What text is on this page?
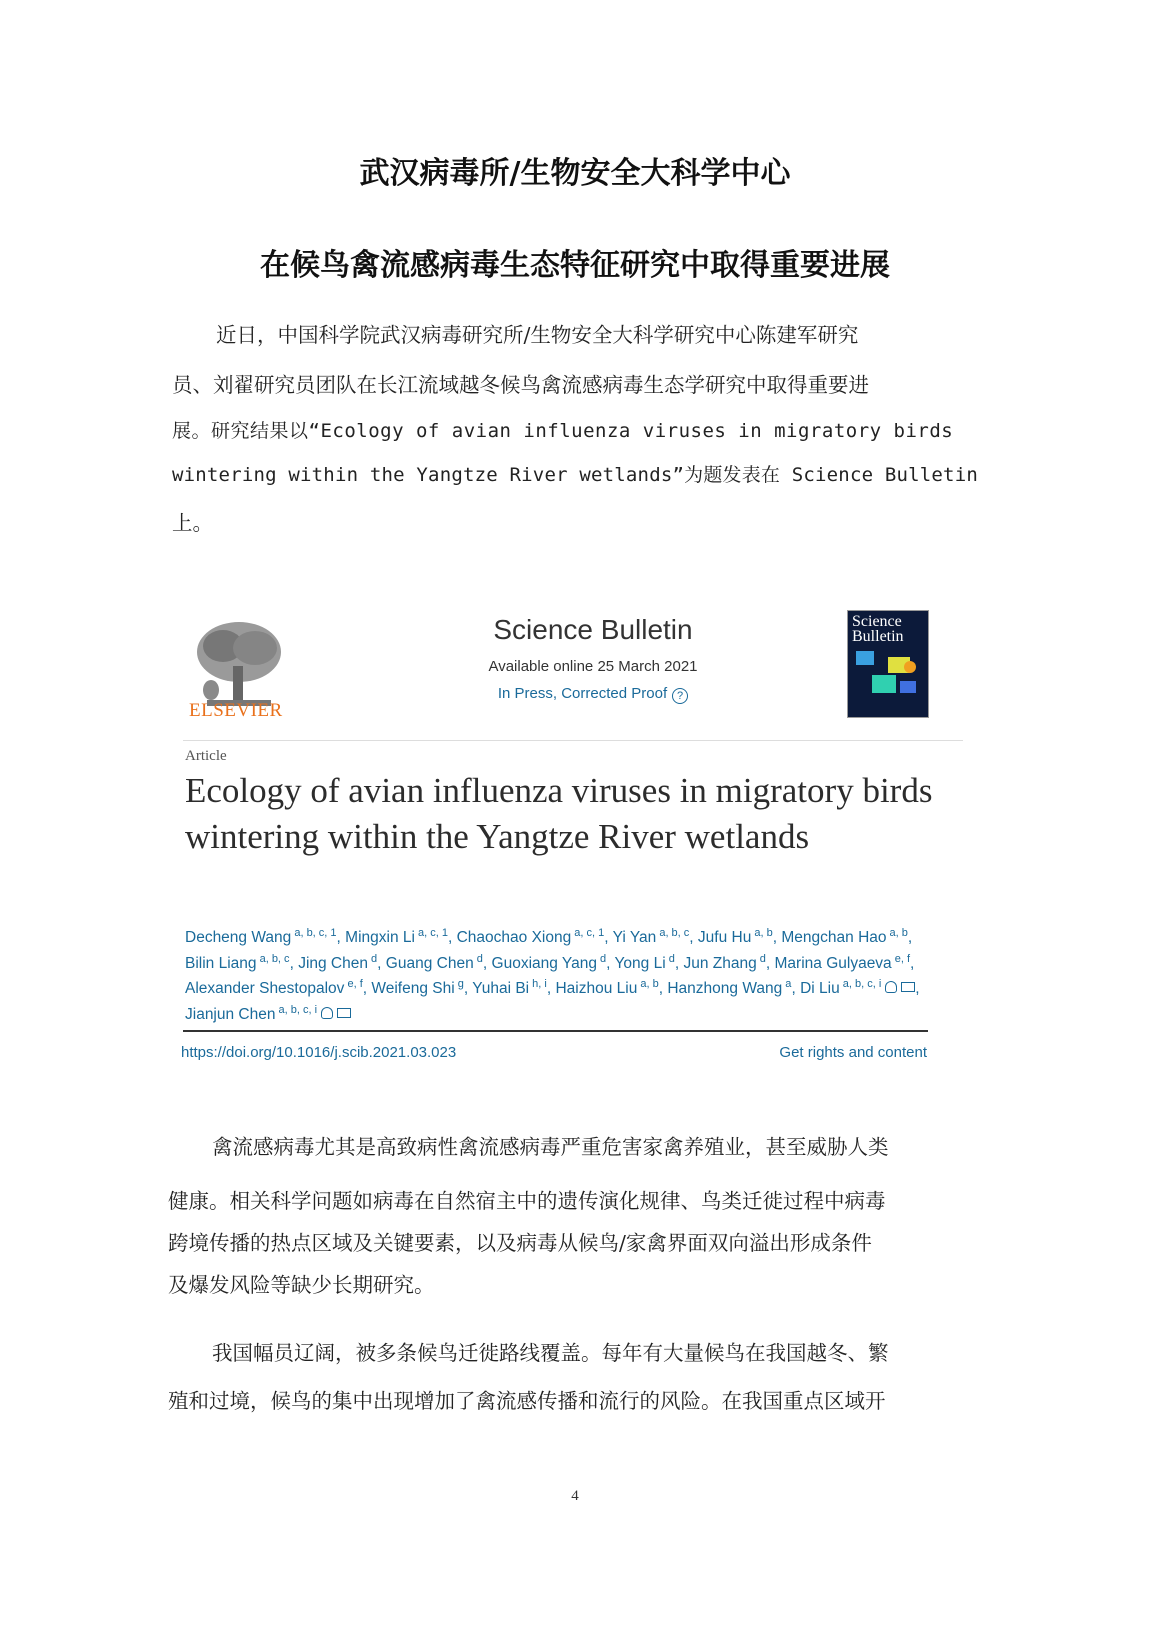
武汉病毒所/生物安全大科学中心
在候鸟禽流感病毒生态特征研究中取得重要进展
近日，中国科学院武汉病毒研究所/生物安全大科学研究中心陈建军研究
员、刘翟研究员团队在长江流域越冬候鸟禽流感病毒生态学研究中取得重要进
展。研究结果以“Ecology of avian influenza viruses in migratory birds
wintering within the Yangtze River wetlands”为题发表在 Science Bulletin
上。
ELSEVIER
Science Bulletin
Available online 25 March 2021
In Press, Corrected Proof ?
Science Bulletin
Article
Ecology of avian influenza viruses in migratory birds wintering within the Yangtze River wetlands
Decheng Wang $^{a, b, c, 1}$, Mingxin Li $^{a, c, 1}$, Chaochao Xiong $^{a, c, 1}$, Yi Yan $^{a, b, c}$, Jufu Hu $^{a, b}$, Mengchan Hao $^{a, b}$, Bilin Liang $^{a, b, c}$, Jing Chen $^d$, Guang Chen $^d$, Guoxiang Yang $^d$, Yong Li $^d$, Jun Zhang $^d$, Marina Gulyaeva $^{e, f}$, Alexander Shestopalov $^{e, f}$, Weifeng Shi $^g$, Yuhai Bi $^{h, i}$, Haizhou Liu $^{a, b}$, Hanzhong Wang $^a$, Di Liu $^{a, b, c, i}$ , Jianjun Chen $^{a, b, c, i}$
https://doi.org/10.1016/j.scib.2021.03.023	Get rights and content
禽流感病毒尤其是高致病性禽流感病毒严重危害家禽养殖业，甚至威胁人类
健康。相关科学问题如病毒在自然宿主中的遗传演化规律、鸟类迁徙过程中病毒
跨境传播的热点区域及关键要素，以及病毒从候鸟/家禽界面双向溢出形成条件
及爆发风险等缺少长期研究。
我国幅员辽阔，被多条候鸟迁徙路线覆盖。每年有大量候鸟在我国越冬、繁
殖和过境，候鸟的集中出现增加了禽流感传播和流行的风险。在我国重点区域开
4
